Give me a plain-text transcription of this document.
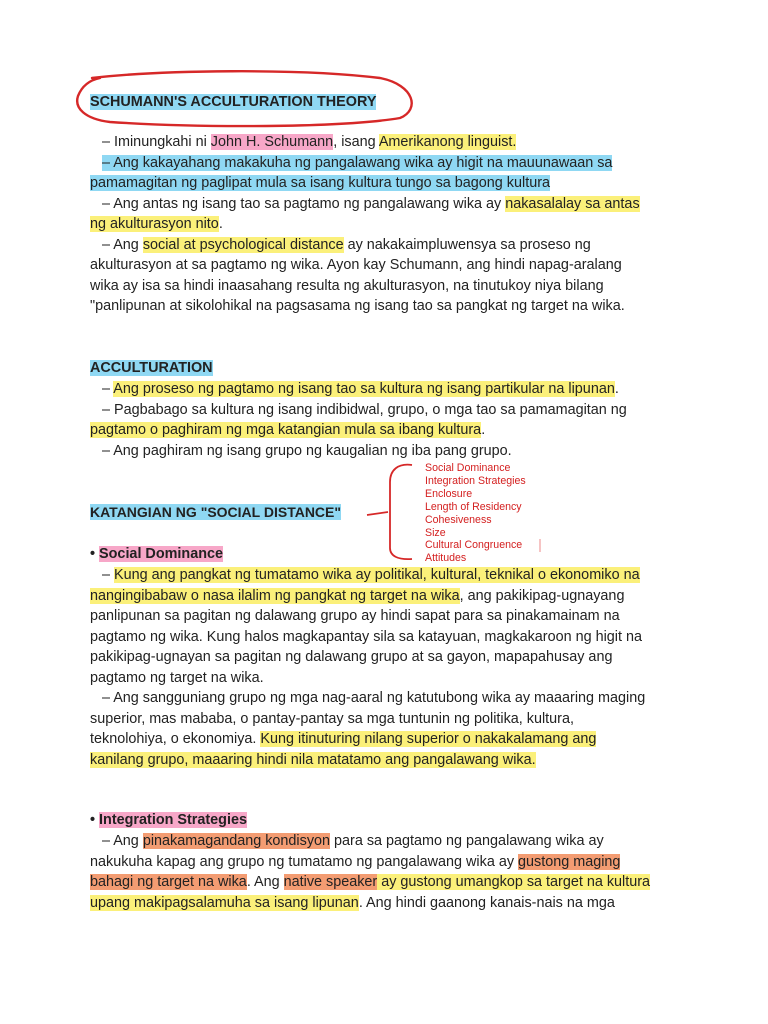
SCHUMANN'S ACCULTURATION THEORY
– Iminungkahi ni John H. Schumann, isang Amerikanong linguist.
– Ang kakayahang makakuha ng pangalawang wika ay higit na mauunawaan sa
pamamagitan ng paglipat mula sa isang kultura tungo sa bagong kultura
– Ang antas ng isang tao sa pagtamo ng pangalawang wika ay nakasalalay sa antas
ng akulturasyon nito.
– Ang social at psychological distance ay nakakaimpluwensya sa proseso ng
akulturasyon at sa pagtamo ng wika. Ayon kay Schumann, ang hindi napag-aralang
wika ay isa sa hindi inaasahang resulta ng akulturasyon, na tinutukoy niya bilang
"panlipunan at sikolohikal na pagsasama ng isang tao sa pangkat ng target na wika.
ACCULTURATION
– Ang proseso ng pagtamo ng isang tao sa kultura ng isang partikular na lipunan.
– Pagbabago sa kultura ng isang indibidwal, grupo, o mga tao sa pamamagitan ng
pagtamo o paghiram ng mga katangian mula sa ibang kultura.
– Ang paghiram ng isang grupo ng kaugalian ng iba pang grupo.
KATANGIAN NG "SOCIAL DISTANCE"
Social Dominance
Integration Strategies
Enclosure
Length of Residency
Cohesiveness
Size
Cultural Congruence
Attitudes
• Social Dominance
– Kung ang pangkat ng tumatamo wika ay politikal, kultural, teknikal o ekonomiko na
nangingibabaw o nasa ilalim ng pangkat ng target na wika, ang pakikipag-ugnayang
panlipunan sa pagitan ng dalawang grupo ay hindi sapat para sa pinakamainam na
pagtamo ng wika. Kung halos magkapantay sila sa katayuan, magkakaroon ng higit na
pakikipag-ugnayan sa pagitan ng dalawang grupo at sa gayon, mapapahusay ang
pagtamo ng target na wika.
– Ang sangguniang grupo ng mga nag-aaral ng katutubong wika ay maaaring maging
superior, mas mababa, o pantay-pantay sa mga tuntunin ng politika, kultura,
teknolohiya, o ekonomiya. Kung itinuturing nilang superior o nakakalamang ang
kanilang grupo, maaaring hindi nila matatamo ang pangalawang wika.
• Integration Strategies
– Ang pinakamagandang kondisyon para sa pagtamo ng pangalawang wika ay
nakukuha kapag ang grupo ng tumatamo ng pangalawang wika ay gustong maging
bahagi ng target na wika. Ang native speaker ay gustong umangkop sa target na kultura
upang makipagsalamuha sa isang lipunan. Ang hindi gaanong kanais-nais na mga
